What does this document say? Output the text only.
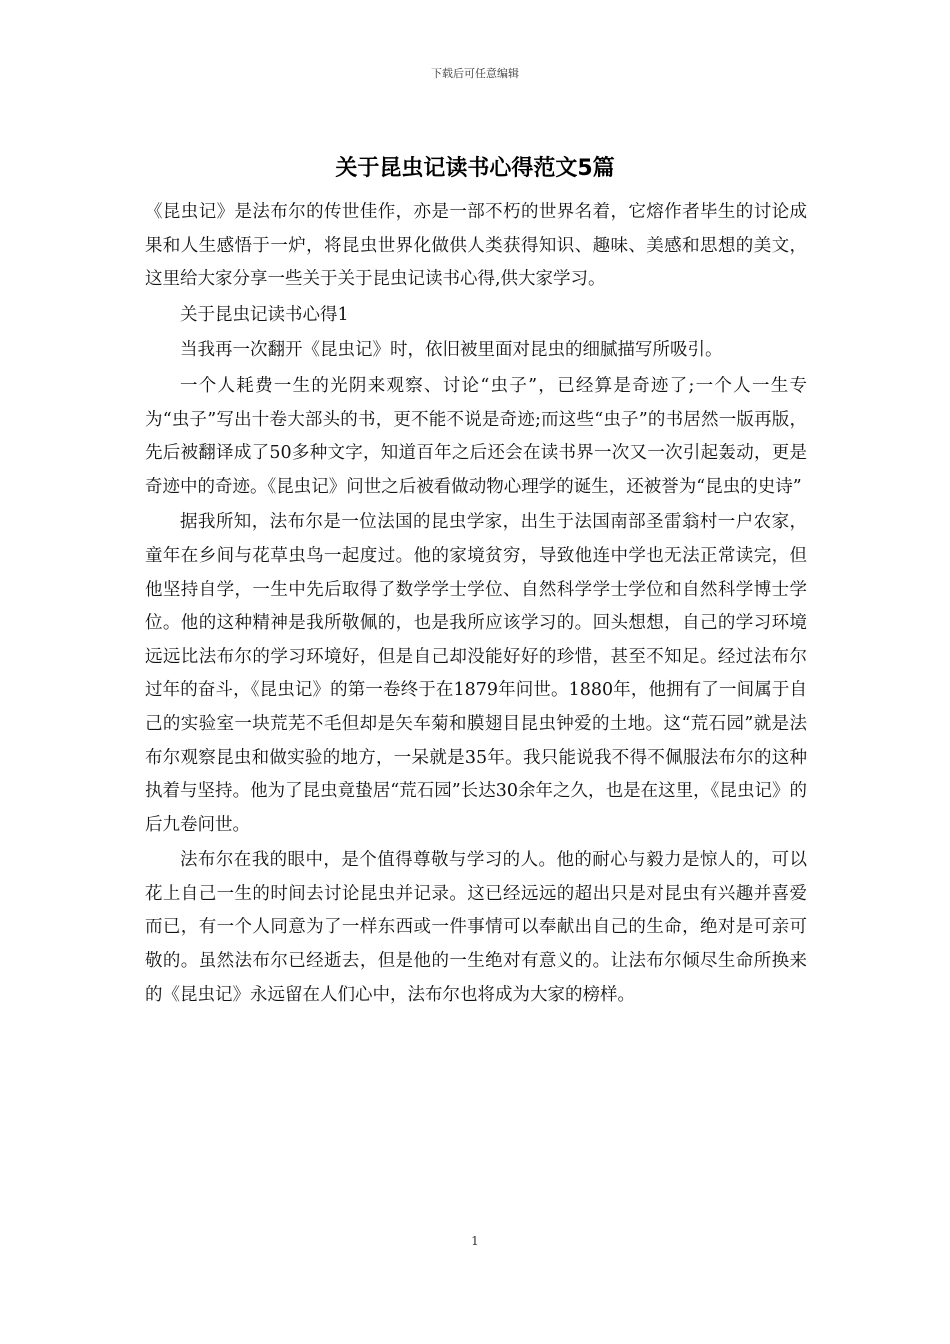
下载后可任意编辑
关于昆虫记读书心得范文5篇

《昆虫记》是法布尔的传世佳作，亦是一部不朽的世界名着，它熔作者毕生的讨论成果和人生感悟于一炉，将昆虫世界化做供人类获得知识、趣味、美感和思想的美文，这里给大家分享一些关于关于昆虫记读书心得,供大家学习。

关于昆虫记读书心得1

当我再一次翻开《昆虫记》时，依旧被里面对昆虫的细腻描写所吸引。

一个人耗费一生的光阴来观察、讨论“虫子”，已经算是奇迹了;一个人一生专为“虫子”写出十卷大部头的书，更不能不说是奇迹;而这些“虫子”的书居然一版再版，先后被翻译成了50多种文字，知道百年之后还会在读书界一次又一次引起轰动，更是奇迹中的奇迹。《昆虫记》问世之后被看做动物心理学的诞生，还被誉为“昆虫的史诗”

据我所知，法布尔是一位法国的昆虫学家，出生于法国南部圣雷翁村一户农家，童年在乡间与花草虫鸟一起度过。他的家境贫穷，导致他连中学也无法正常读完，但他坚持自学，一生中先后取得了数学学士学位、自然科学学士学位和自然科学博士学位。他的这种精神是我所敬佩的，也是我所应该学习的。回头想想，自己的学习环境远远比法布尔的学习环境好，但是自己却没能好好的珍惜，甚至不知足。经过法布尔过年的奋斗，《昆虫记》的第一卷终于在1879年问世。1880年，他拥有了一间属于自己的实验室一块荒芜不毛但却是矢车菊和膜翅目昆虫钟爱的土地。这“荒石园”就是法布尔观察昆虫和做实验的地方，一呆就是35年。我只能说我不得不佩服法布尔的这种执着与坚持。他为了昆虫竟蛰居“荒石园”长达30余年之久，也是在这里，《昆虫记》的后九卷问世。

法布尔在我的眼中，是个值得尊敬与学习的人。他的耐心与毅力是惊人的，可以花上自己一生的时间去讨论昆虫并记录。这已经远远的超出只是对昆虫有兴趣并喜爱而已，有一个人同意为了一样东西或一件事情可以奉献出自己的生命，绝对是可亲可敬的。虽然法布尔已经逝去，但是他的一生绝对有意义的。让法布尔倾尽生命所换来的《昆虫记》永远留在人们心中，法布尔也将成为大家的榜样。

1
